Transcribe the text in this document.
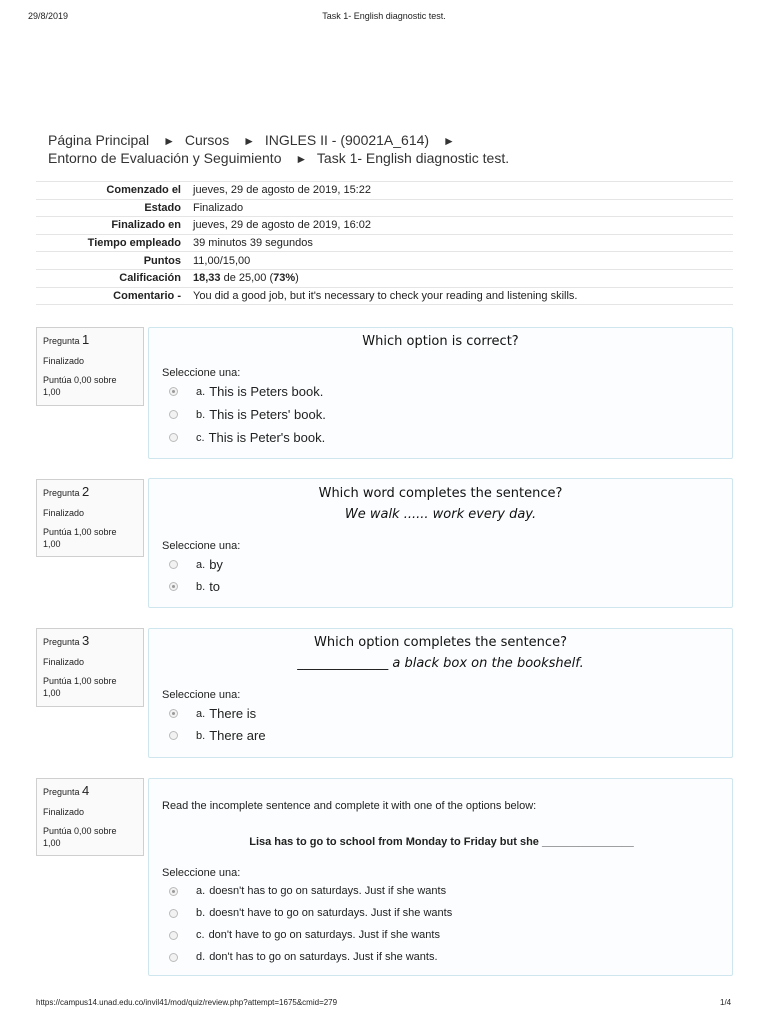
29/8/2019	Task 1- English diagnostic test.
Página Principal ► Cursos ► INGLES II - (90021A_614) ►
Entorno de Evaluación y Seguimiento ► Task 1- English diagnostic test.
Comenzado el	jueves, 29 de agosto de 2019, 15:22
Estado	Finalizado
Finalizado en	jueves, 29 de agosto de 2019, 16:02
Tiempo empleado	39 minutos 39 segundos
Puntos	11,00/15,00
Calificación	18,33 de 25,00 (73%)
Comentario -	You did a good job, but it's necessary to check your reading and listening skills.
Pregunta 1
Finalizado
Puntúa 0,00 sobre
1,00
Which option is correct?
Seleccione una:
a. This is Peters book.
b. This is Peters' book.
c. This is Peter's book.
Pregunta 2
Finalizado
Puntúa 1,00 sobre
1,00
Which word completes the sentence?
We walk ...... work every day.
Seleccione una:
a. by
b. to
Pregunta 3
Finalizado
Puntúa 1,00 sobre
1,00
Which option completes the sentence?
______________ a black box on the bookshelf.
Seleccione una:
a. There is
b. There are
Pregunta 4
Finalizado
Puntúa 0,00 sobre
1,00
Read the incomplete sentence and complete it with one of the options below:
Lisa has to go to school from Monday to Friday but she _______________
Seleccione una:
a. doesn't has to go on saturdays. Just if she wants
b. doesn't have to go on saturdays. Just if she wants
c. don't have to go on saturdays. Just if she wants
d. don't has to go on saturdays. Just if she wants.
https://campus14.unad.edu.co/invil41/mod/quiz/review.php?attempt=1675&cmid=279	1/4
